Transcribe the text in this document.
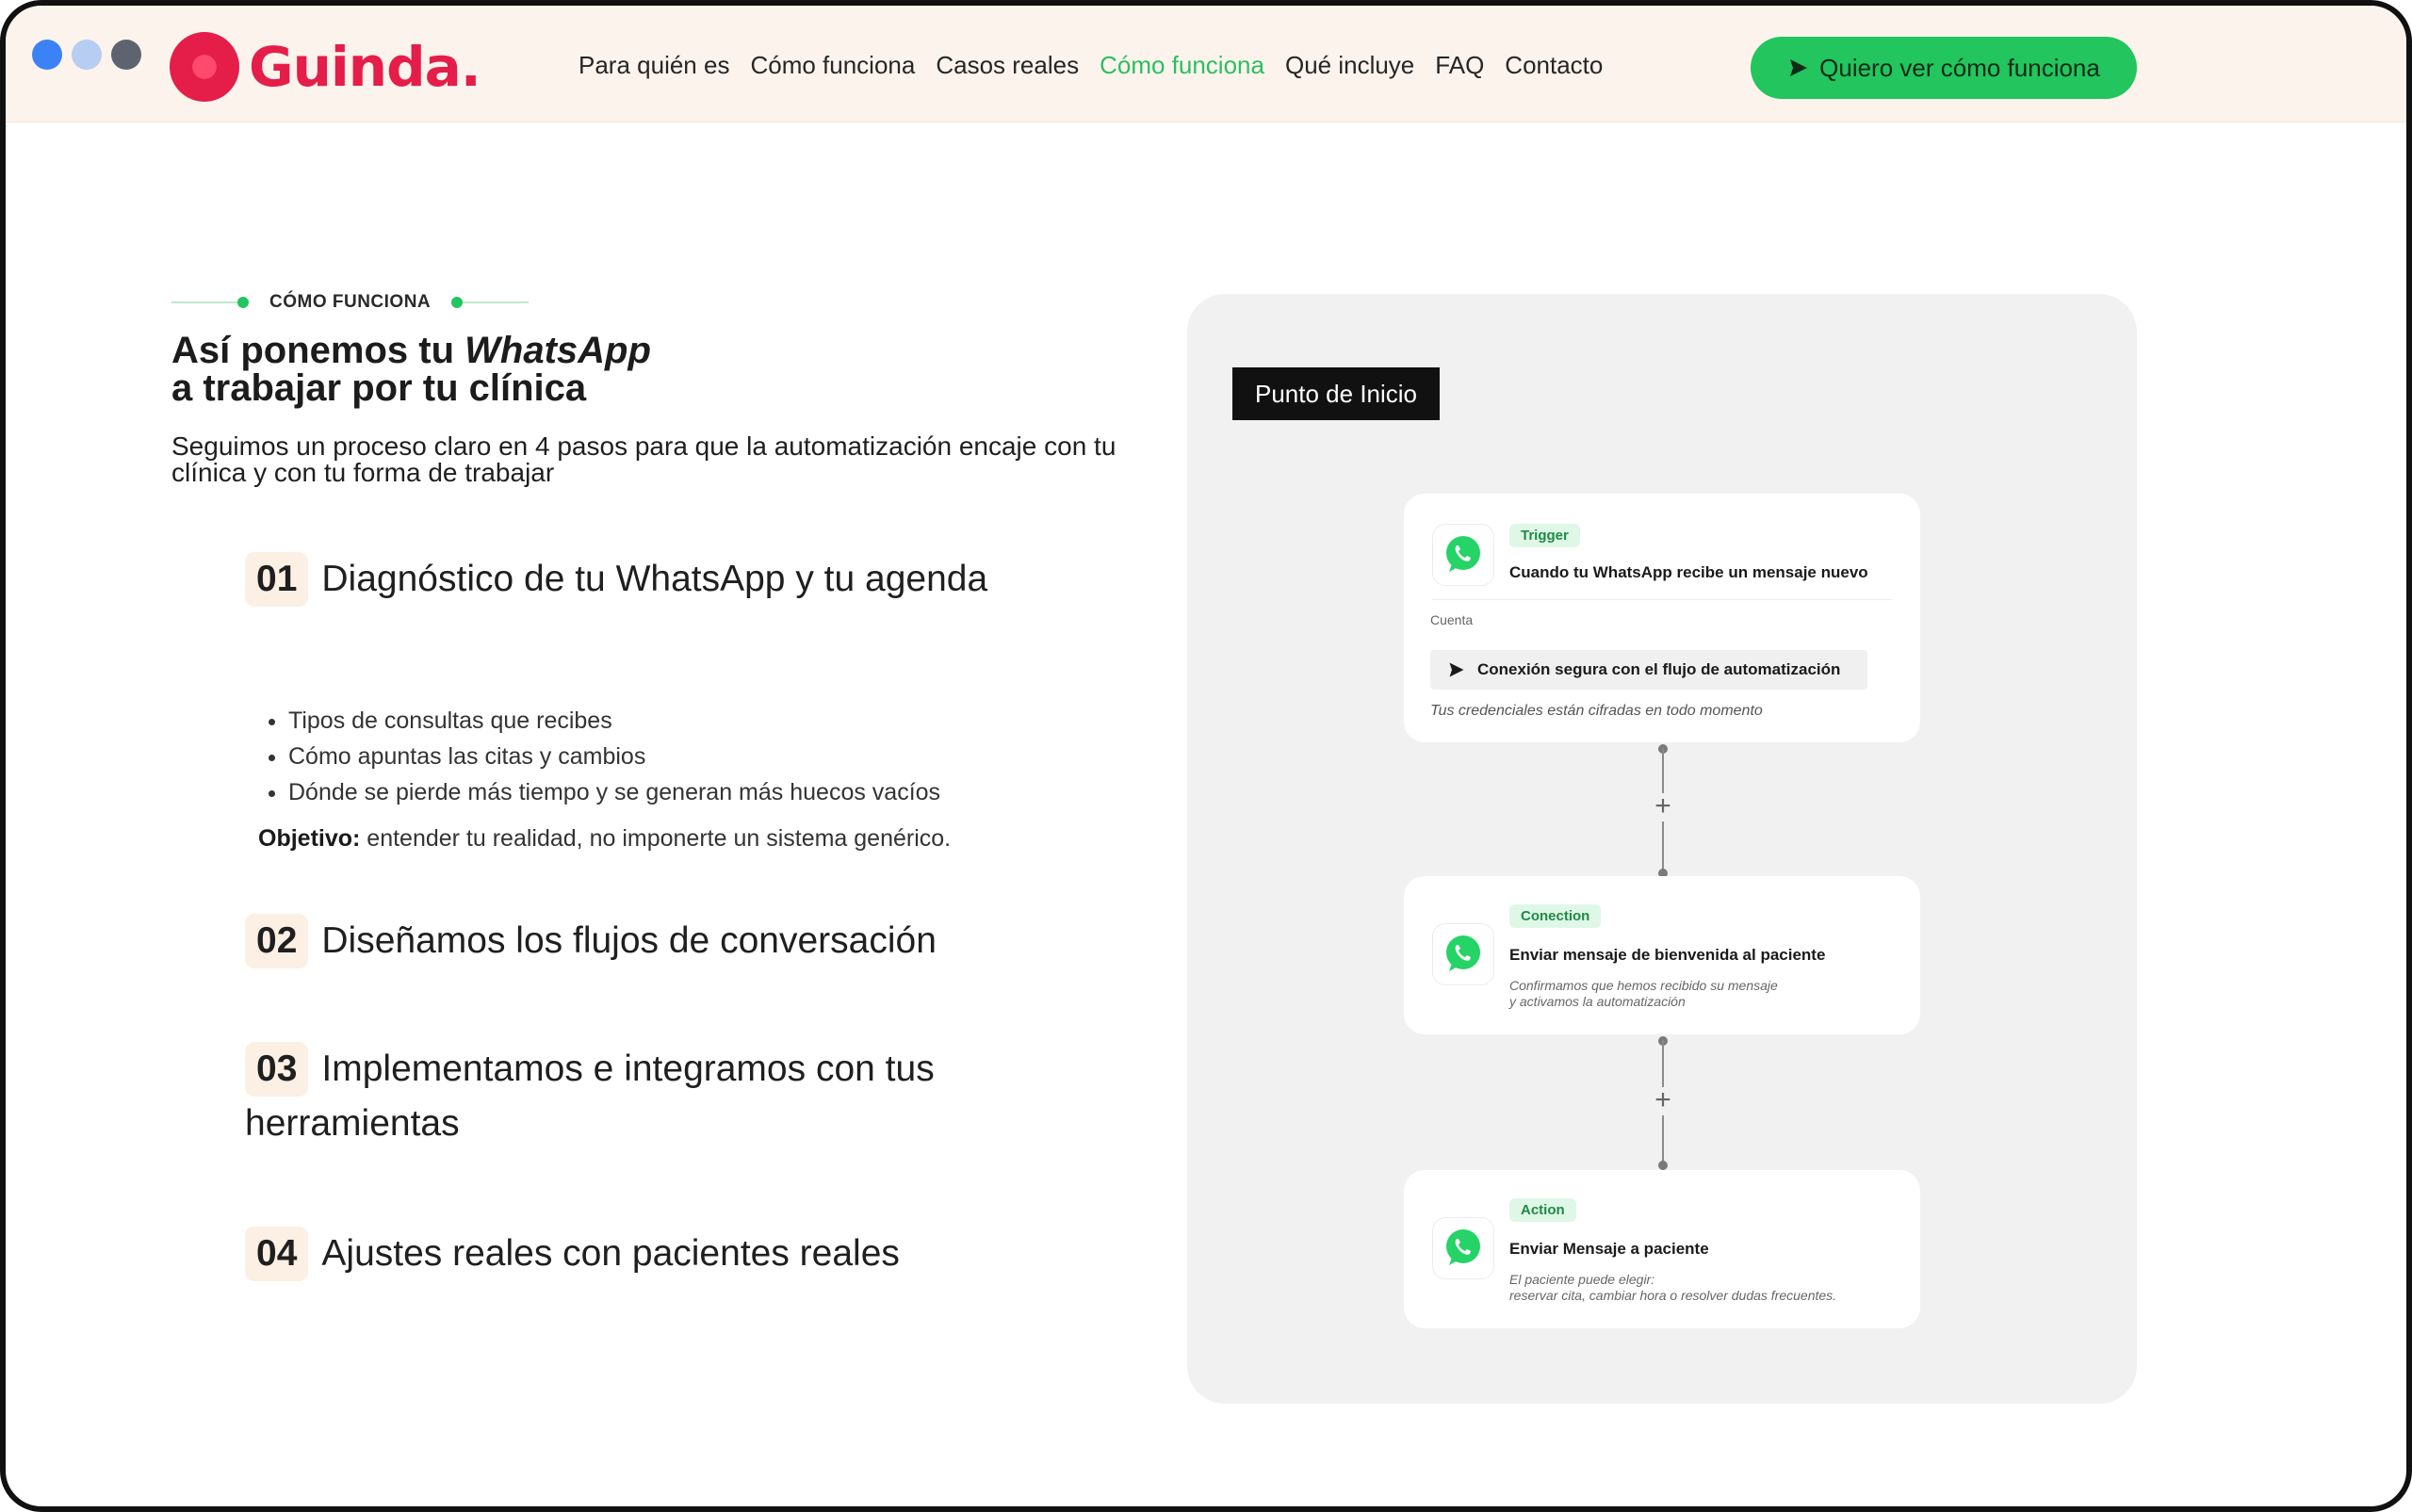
Guinda.	Para quién es Cómo funciona Casos reales Cómo funciona Qué incluye FAQ Contacto	Quiero ver cómo funciona
CÓMO FUNCIONA
Así ponemos tu WhatsApp
a trabajar por tu clínica

Seguimos un proceso claro en 4 pasos para que la automatización encaje con tu clínica y con tu forma de trabajar

01 Diagnóstico de tu WhatsApp y tu agenda
• Tipos de consultas que recibes
• Cómo apuntas las citas y cambios
• Dónde se pierde más tiempo y se generan más huecos vacíos

Objetivo: entender tu realidad, no imponerte un sistema genérico.

02 Diseñamos los flujos de conversación
03 Implementamos e integramos con tus herramientas
04 Ajustes reales con pacientes reales
Punto de Inicio
Trigger
Cuando tu WhatsApp recibe un mensaje nuevo
Cuenta
Conexión segura con el flujo de automatización
Tus credenciales están cifradas en todo momento
+
Conection
Enviar mensaje de bienvenida al paciente
Confirmamos que hemos recibido su mensaje
y activamos la automatización
+
Action
Enviar Mensaje a paciente
El paciente puede elegir:
reservar cita, cambiar hora o resolver dudas frecuentes.
